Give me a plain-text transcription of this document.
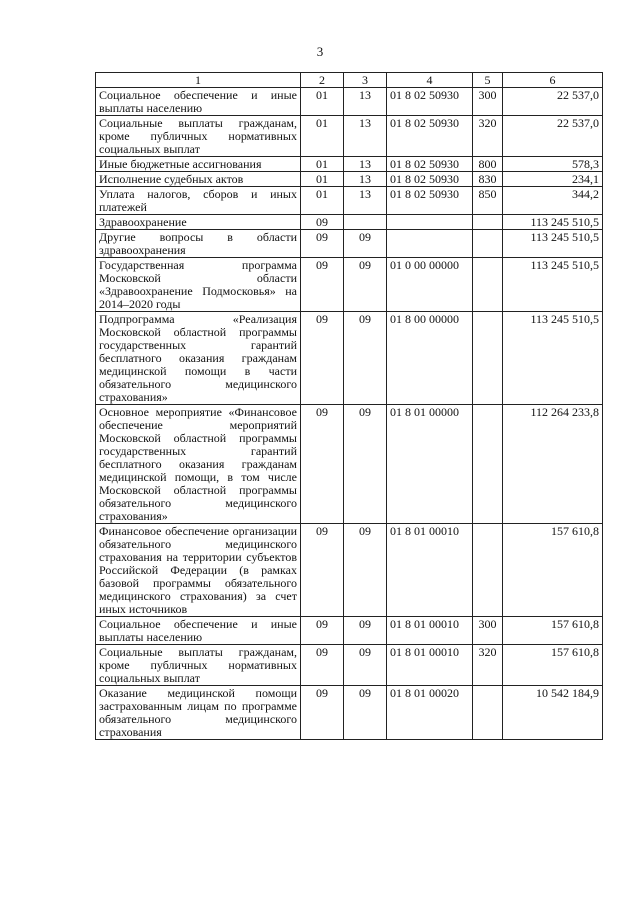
3
1	2	3	4	5	6
Социальное обеспечение и иные выплаты населению	01	13	01 8 02 50930	300	22 537,0
Социальные выплаты гражданам, кроме публичных нормативных социальных выплат	01	13	01 8 02 50930	320	22 537,0
Иные бюджетные ассигнования	01	13	01 8 02 50930	800	578,3
Исполнение судебных актов	01	13	01 8 02 50930	830	234,1
Уплата налогов, сборов и иных платежей	01	13	01 8 02 50930	850	344,2
Здравоохранение	09				113 245 510,5
Другие вопросы в области здравоохранения	09	09			113 245 510,5
Государственная программа Московской области «Здравоохранение Подмосковья» на 2014–2020 годы	09	09	01 0 00 00000		113 245 510,5
Подпрограмма «Реализация Московской областной программы государственных гарантий бесплатного оказания гражданам медицинской помощи в части обязательного медицинского страхования»	09	09	01 8 00 00000		113 245 510,5
Основное мероприятие «Финансовое обеспечение мероприятий Московской областной программы государственных гарантий бесплатного оказания гражданам медицинской помощи, в том числе Московской областной программы обязательного медицинского страхования»	09	09	01 8 01 00000		112 264 233,8
Финансовое обеспечение организации обязательного медицинского страхования на территории субъектов Российской Федерации (в рамках базовой программы обязательного медицинского страхования) за счет иных источников	09	09	01 8 01 00010		157 610,8
Социальное обеспечение и иные выплаты населению	09	09	01 8 01 00010	300	157 610,8
Социальные выплаты гражданам, кроме публичных нормативных социальных выплат	09	09	01 8 01 00010	320	157 610,8
Оказание медицинской помощи застрахованным лицам по программе обязательного медицинского страхования	09	09	01 8 01 00020		10 542 184,9
